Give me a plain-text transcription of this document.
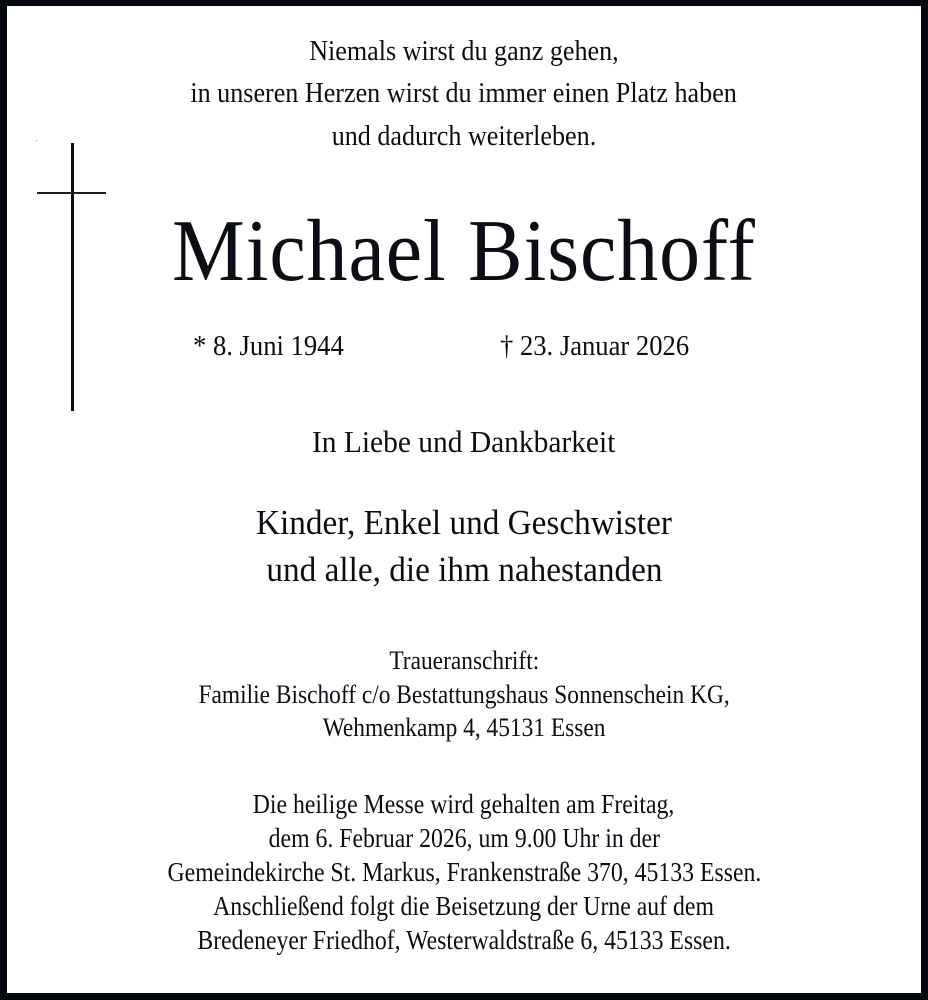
Niemals wirst du ganz gehen,
in unseren Herzen wirst du immer einen Platz haben
und dadurch weiterleben.
Michael Bischoff
* 8. Juni 1944	† 23. Januar 2026
In Liebe und Dankbarkeit
Kinder, Enkel und Geschwister
und alle, die ihm nahestanden
Traueranschrift:
Familie Bischoff c/o Bestattungshaus Sonnenschein KG,
Wehmenkamp 4, 45131 Essen
Die heilige Messe wird gehalten am Freitag,
dem 6. Februar 2026, um 9.00 Uhr in der
Gemeindekirche St. Markus, Frankenstraße 370, 45133 Essen.
Anschließend folgt die Beisetzung der Urne auf dem
Bredeneyer Friedhof, Westerwaldstraße 6, 45133 Essen.
